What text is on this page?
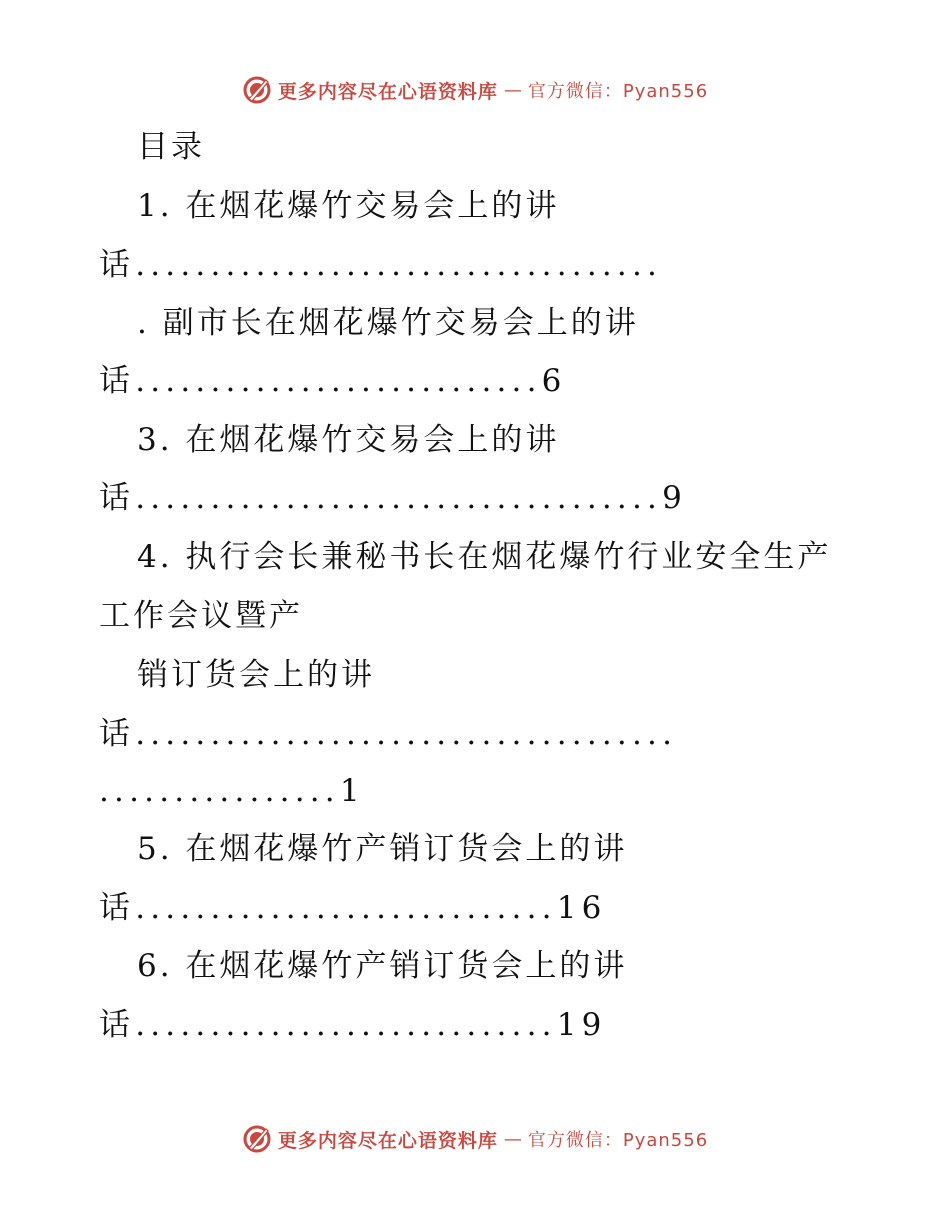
更多内容尽在心语资料库 — 官方微信：Pyan556
目录
1. 在烟花爆竹交易会上的讲
话...................................
. 副市长在烟花爆竹交易会上的讲
话...........................6
3. 在烟花爆竹交易会上的讲
话...................................9
4. 执行会长兼秘书长在烟花爆竹行业安全生产
工作会议暨产
销订货会上的讲
话....................................
................1
5. 在烟花爆竹产销订货会上的讲
话............................16
6. 在烟花爆竹产销订货会上的讲
话............................19
更多内容尽在心语资料库 — 官方微信：Pyan556
